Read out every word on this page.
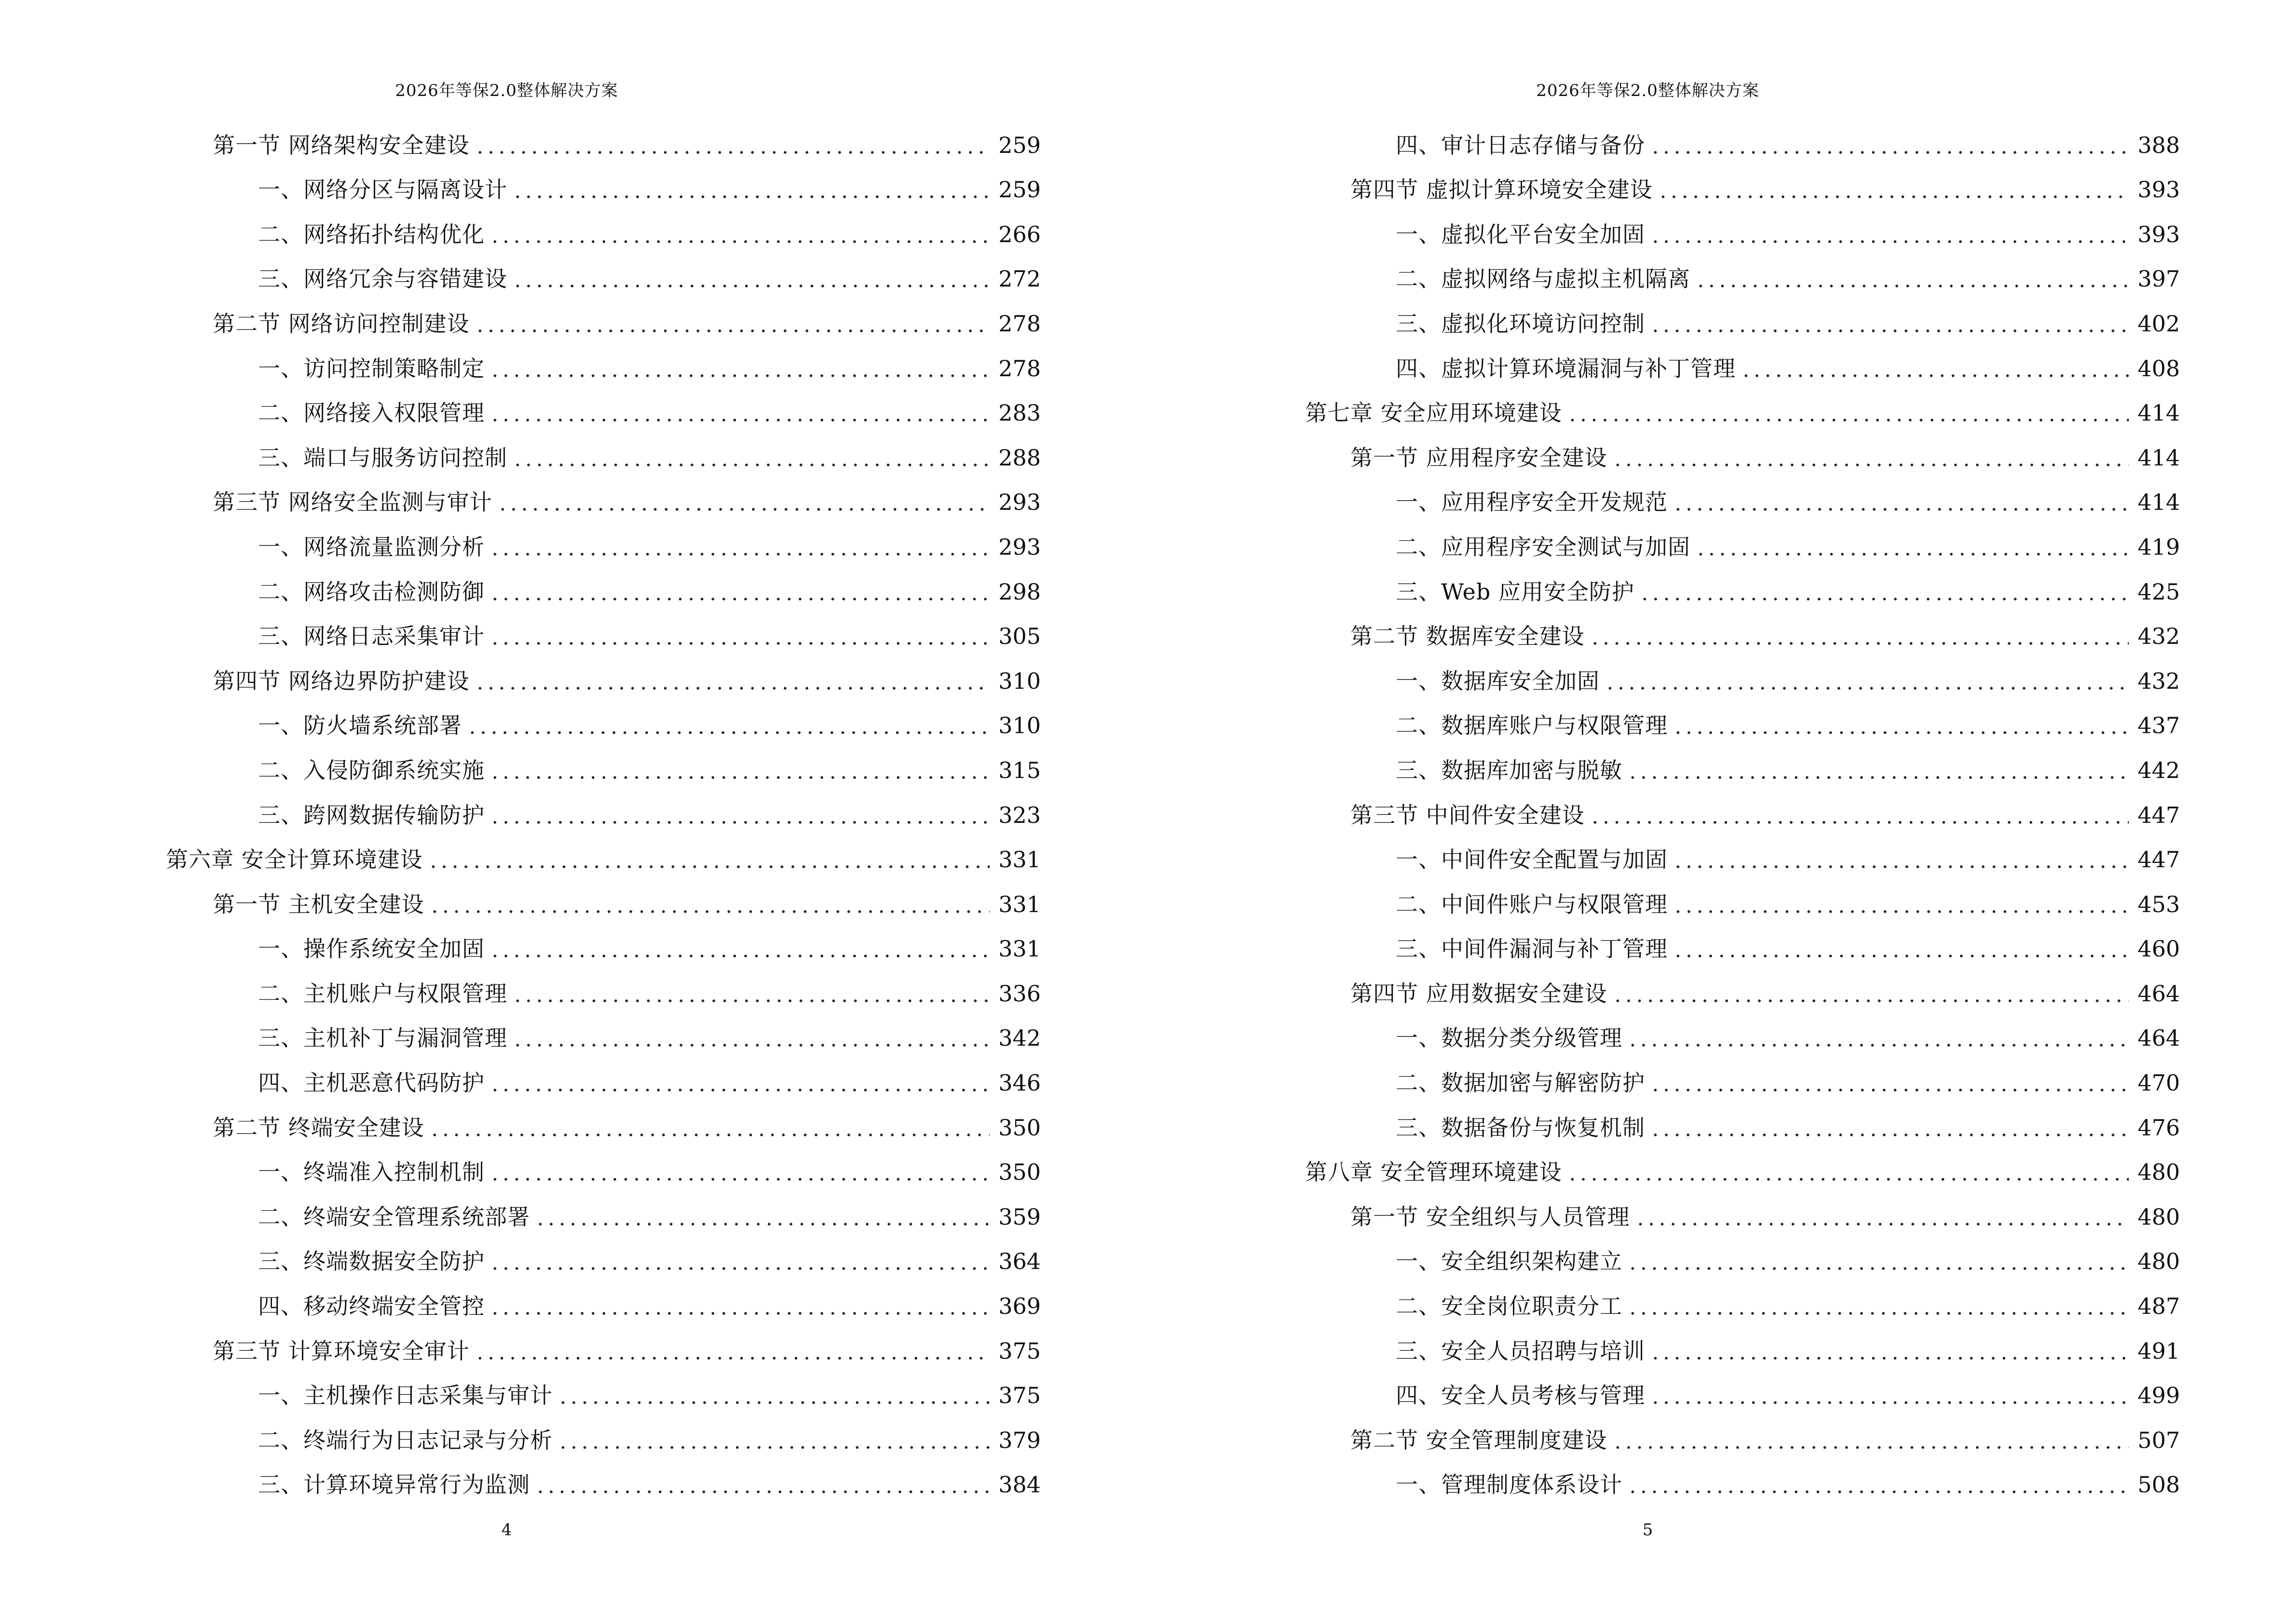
2026年等保2.0整体解决方案
第一节 网络架构安全建设	259
一、网络分区与隔离设计	259
二、网络拓扑结构优化	266
三、网络冗余与容错建设	272
第二节 网络访问控制建设	278
一、访问控制策略制定	278
二、网络接入权限管理	283
三、端口与服务访问控制	288
第三节 网络安全监测与审计	293
一、网络流量监测分析	293
二、网络攻击检测防御	298
三、网络日志采集审计	305
第四节 网络边界防护建设	310
一、防火墙系统部署	310
二、入侵防御系统实施	315
三、跨网数据传输防护	323
第六章 安全计算环境建设	331
第一节 主机安全建设	331
一、操作系统安全加固	331
二、主机账户与权限管理	336
三、主机补丁与漏洞管理	342
四、主机恶意代码防护	346
第二节 终端安全建设	350
一、终端准入控制机制	350
二、终端安全管理系统部署	359
三、终端数据安全防护	364
四、移动终端安全管控	369
第三节 计算环境安全审计	375
一、主机操作日志采集与审计	375
二、终端行为日志记录与分析	379
三、计算环境异常行为监测	384
4
2026年等保2.0整体解决方案
四、审计日志存储与备份	388
第四节 虚拟计算环境安全建设	393
一、虚拟化平台安全加固	393
二、虚拟网络与虚拟主机隔离	397
三、虚拟化环境访问控制	402
四、虚拟计算环境漏洞与补丁管理	408
第七章 安全应用环境建设	414
第一节 应用程序安全建设	414
一、应用程序安全开发规范	414
二、应用程序安全测试与加固	419
三、Web 应用安全防护	425
第二节 数据库安全建设	432
一、数据库安全加固	432
二、数据库账户与权限管理	437
三、数据库加密与脱敏	442
第三节 中间件安全建设	447
一、中间件安全配置与加固	447
二、中间件账户与权限管理	453
三、中间件漏洞与补丁管理	460
第四节 应用数据安全建设	464
一、数据分类分级管理	464
二、数据加密与解密防护	470
三、数据备份与恢复机制	476
第八章 安全管理环境建设	480
第一节 安全组织与人员管理	480
一、安全组织架构建立	480
二、安全岗位职责分工	487
三、安全人员招聘与培训	491
四、安全人员考核与管理	499
第二节 安全管理制度建设	507
一、管理制度体系设计	508
5
